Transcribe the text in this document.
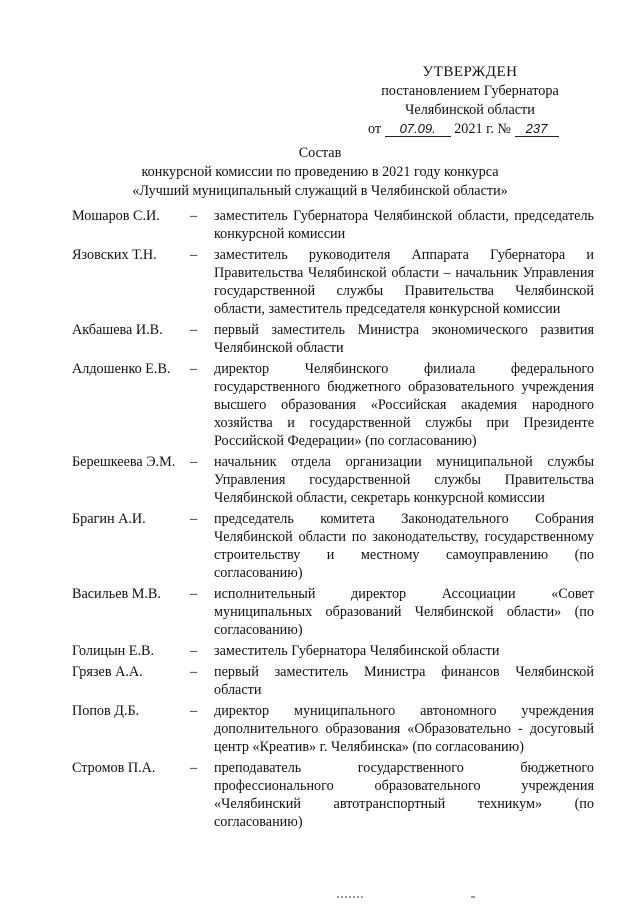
УТВЕРЖДЕН
постановлением Губернатора
Челябинской области
от 07.09. 2021 г. № 237
Состав
конкурсной комиссии по проведению в 2021 году конкурса
«Лучший муниципальный служащий в Челябинской области»
Мошаров С.И.	–	заместитель Губернатора Челябинской области, председатель конкурсной комиссии
Язовских Т.Н.	–	заместитель руководителя Аппарата Губернатора и Правительства Челябинской области – начальник Управления государственной службы Правительства Челябинской области, заместитель председателя конкурсной комиссии
Акбашева И.В.	–	первый заместитель Министра экономического развития Челябинской области
Алдошенко Е.В.	–	директор Челябинского филиала федерального государственного бюджетного образовательного учреждения высшего образования «Российская академия народного хозяйства и государственной службы при Президенте Российской Федерации» (по согласованию)
Берешкеева Э.М.	–	начальник отдела организации муниципальной службы Управления государственной службы Правительства Челябинской области, секретарь конкурсной комиссии
Брагин А.И.	–	председатель комитета Законодательного Собрания Челябинской области по законодательству, государственному строительству и местному самоуправлению (по согласованию)
Васильев М.В.	–	исполнительный директор Ассоциации «Совет муниципальных образований Челябинской области» (по согласованию)
Голицын Е.В.	–	заместитель Губернатора Челябинской области
Грязев А.А.	–	первый заместитель Министра финансов Челябинской области
Попов Д.Б.	–	директор муниципального автономного учреждения дополнительного образования «Образовательно - досуговый центр «Креатив» г. Челябинска» (по согласованию)
Стромов П.А.	–	преподаватель государственного бюджетного профессионального образовательного учреждения «Челябинский автотранспортный техникум» (по согласованию)
